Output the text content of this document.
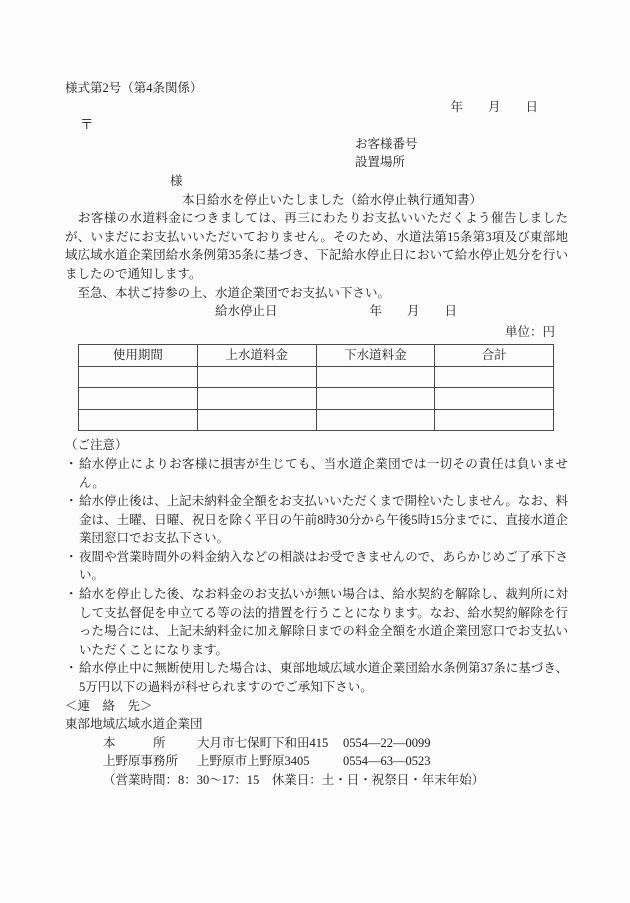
様式第2号（第4条関係）
年　　月　　日
〒
お客様番号
設置場所
様
本日給水を停止いたしました（給水停止執行通知書）

　お客様の水道料金につきましては、再三にわたりお支払いいただくよう催告しましたが、いまだにお支払いいただいておりません。そのため、水道法第15条第3項及び東部地域広域水道企業団給水条例第35条に基づき、下記給水停止日において給水停止処分を行いましたので通知します。

　至急、本状ご持参の上、水道企業団でお支払い下さい。

給水停止日	年　　月　　日
単位：円
使用期間	上水道料金	下水道料金	合計

（ご注意）
・ 給水停止によりお客様に損害が生じても、当水道企業団では一切その責任は負いません。
・ 給水停止後は、上記未納料金全額をお支払いいただくまで開栓いたしません。なお、料金は、土曜、日曜、祝日を除く平日の午前8時30分から午後5時15分までに、直接水道企業団窓口でお支払下さい。
・ 夜間や営業時間外の料金納入などの相談はお受できませんので、あらかじめご了承下さい。
・ 給水を停止した後、なお料金のお支払いが無い場合は、給水契約を解除し、裁判所に対して支払督促を申立てる等の法的措置を行うことになります。なお、給水契約解除を行った場合には、上記未納料金に加え解除日までの料金全額を水道企業団窓口でお支払いいただくことになります。
・ 給水停止中に無断使用した場合は、東部地域広域水道企業団給水条例第37条に基づき、5万円以下の過料が科せられますのでご承知下さい。
＜連　絡　先＞
東部地域広域水道企業団
本　　　所	大月市七保町下和田415	0554—22—0099
上野原事務所	上野原市上野原3405	0554—63—0523
（営業時間：8：30～17：15　休業日：土・日・祝祭日・年末年始）
